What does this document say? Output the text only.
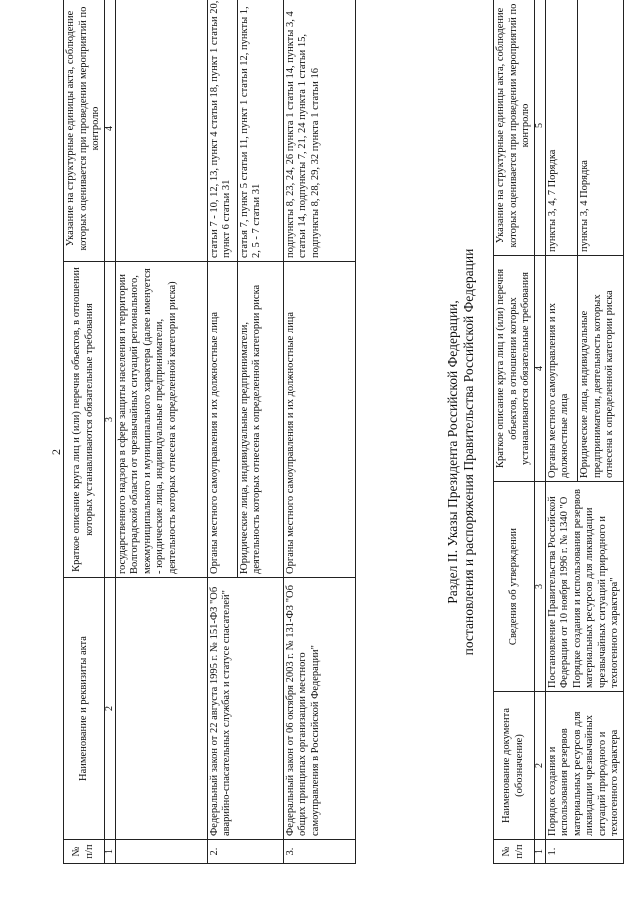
2
№ п/п	Наименование и реквизиты акта	Краткое описание круга лиц и (или) перечня объектов, в отношении которых устанавливаются обязательные требования	Указание на структурные единицы акта, соблюдение которых оценивается при проведении мероприятий по контролю
1	2	3	4
		государственного надзора в сфере защиты населения и территории Волгоградской области от чрезвычайных ситуаций регионального, межмуниципального и муниципального характера (далее именуется - юридические лица, индивидуальные предприниматели, деятельность которых отнесена к определенной категории риска)	
2.	Федеральный закон от 22 августа 1995 г. № 151-ФЗ "Об аварийно-спасательных службах и статусе спасателей"	Органы местного самоуправления и их должностные лица	статьи 7 - 10, 12, 13, пункт 4 статьи 18, пункт 1 статьи 20, пункт 6 статьи 31
		Юридические лица, индивидуальные предприниматели, деятельность которых отнесена к определенной категории риска	статья 7, пункт 5 статьи 11, пункт 1 статьи 12, пункты 1, 2, 5 - 7 статьи 31
3.	Федеральный закон от 06 октября 2003 г. № 131-ФЗ "Об общих принципах организации местного самоуправления в Российской Федерации"	Органы местного самоуправления и их должностные лица	подпункты 8, 23, 24, 26 пункта 1 статьи 14, пункты 3, 4 статьи 14, подпункты 7, 21, 24 пункта 1 статьи 15, подпункты 8, 28, 29, 32 пункта 1 статьи 16
Раздел II. Указы Президента Российской Федерации, постановления и распоряжения Правительства Российской Федерации
№ п/п	Наименование документа (обозначение)	Сведения об утверждении	Краткое описание круга лиц и (или) перечня объектов, в отношении которых устанавливаются обязательные требования	Указание на структурные единицы акта, соблюдение которых оценивается при проведении мероприятий по контролю
1	2	3	4	5
1.	Порядок создания и использования резервов материальных ресурсов для ликвидации чрезвычайных ситуаций природного и техногенного характера	Постановление Правительства Российской Федерации от 10 ноября 1996 г. № 1340 "О Порядке создания и использования резервов материальных ресурсов для ликвидации чрезвычайных ситуаций природного и техногенного характера"	Органы местного самоуправления и их должностные лица	пункты 3, 4, 7 Порядка
			Юридические лица, индивидуальные предприниматели, деятельность которых отнесена к определенной категории риска	пункты 3, 4 Порядка
